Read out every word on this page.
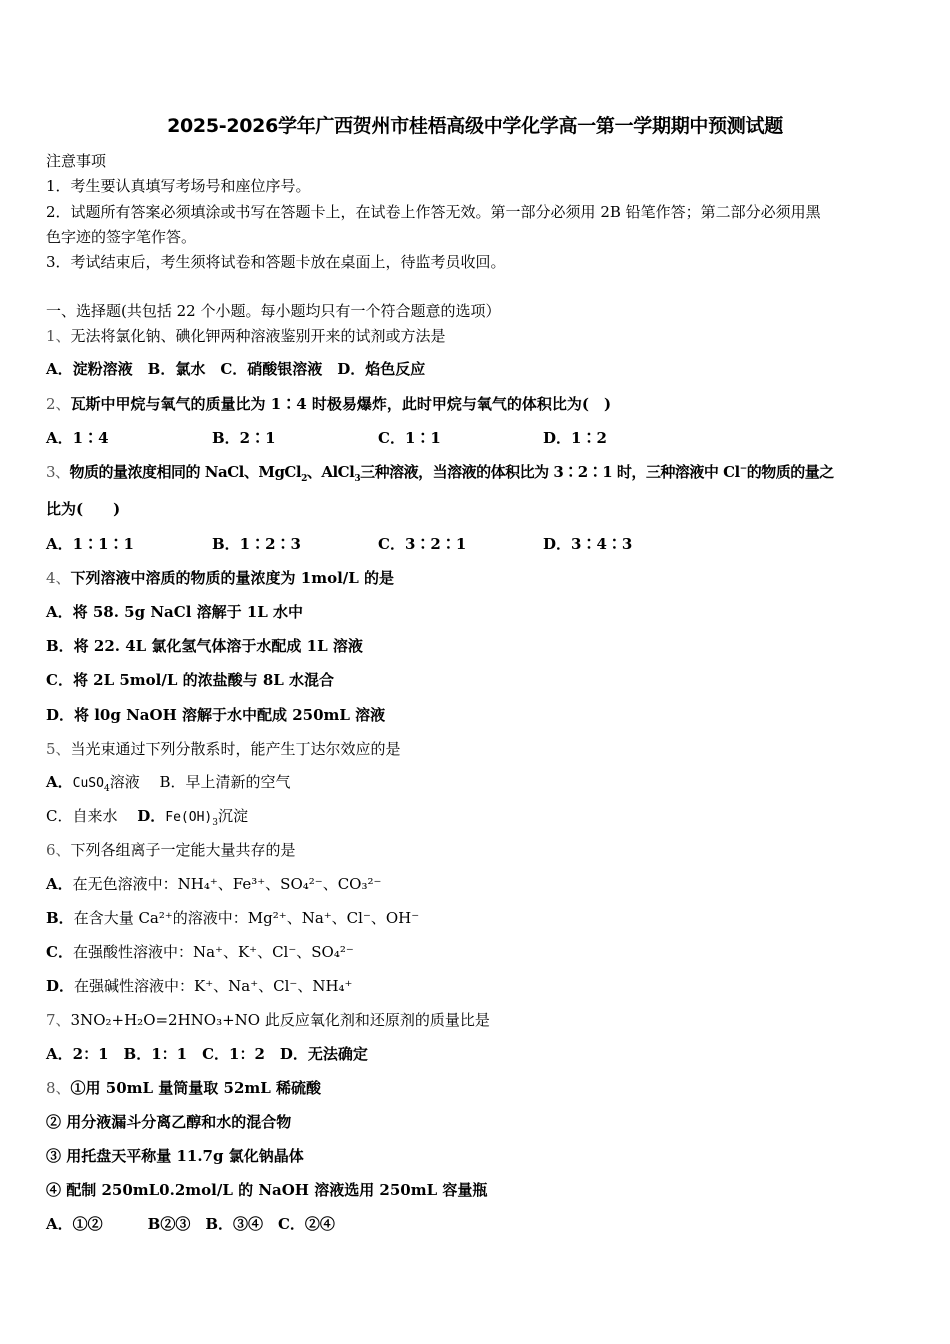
2025-2026学年广西贺州市桂梧高级中学化学高一第一学期期中预测试题
注意事项
1．考生要认真填写考场号和座位序号。
2．试题所有答案必须填涂或书写在答题卡上，在试卷上作答无效。第一部分必须用 2B 铅笔作答；第二部分必须用黑
色字迹的签字笔作答。
3．考试结束后，考生须将试卷和答题卡放在桌面上，待监考员收回。
一、选择题(共包括 22 个小题。每小题均只有一个符合题意的选项）
1、无法将氯化钠、碘化钾两种溶液鉴别开来的试剂或方法是
A．淀粉溶液　B．氯水　C．硝酸银溶液　D．焰色反应
2、瓦斯中甲烷与氧气的质量比为 1∶4 时极易爆炸，此时甲烷与氧气的体积比为(　)
A．1∶4	B．2∶1	C．1∶1	D．1∶2
3、物质的量浓度相同的 NaCl、MgCl$_2$、AlCl$_3$三种溶液，当溶液的体积比为 3∶2∶1 时，三种溶液中 Cl−的物质的量之
比为(　　)
A．1∶1∶1	B．1∶2∶3	C．3∶2∶1	D．3∶4∶3
4、下列溶液中溶质的物质的量浓度为 1mol/L 的是
A．将 58. 5g NaCl 溶解于 1L 水中
B．将 22. 4L 氯化氢气体溶于水配成 1L 溶液
C．将 2L 5mol/L 的浓盐酸与 8L 水混合
D．将 l0g NaOH 溶解于水中配成 250mL 溶液
5、当光束通过下列分散系时，能产生丁达尔效应的是
A．CuSO$_4$溶液　 B．早上清新的空气
C．自来水　 D．$Fe(OH)_3$沉淀
6、下列各组离子一定能大量共存的是
A．在无色溶液中：NH₄⁺、Fe³⁺、SO₄²⁻、CO₃²⁻
B．在含大量 Ca²⁺的溶液中：Mg²⁺、Na⁺、Cl⁻、OH⁻
C．在强酸性溶液中：Na⁺、K⁺、Cl⁻、SO₄²⁻
D．在强碱性溶液中：K⁺、Na⁺、Cl⁻、NH₄⁺
7、3NO₂+H₂O=2HNO₃+NO 此反应氧化剂和还原剂的质量比是
A．2：1　B．1：1　C．1：2　D．无法确定
8、①用 50mL 量筒量取 52mL 稀硫酸
② 用分液漏斗分离乙醇和水的混合物
③ 用托盘天平称量 11.7g 氯化钠晶体
④ 配制 250mL0.2mol/L 的 NaOH 溶液选用 250mL 容量瓶
A．①②　　　B②③　B．③④　C．②④
